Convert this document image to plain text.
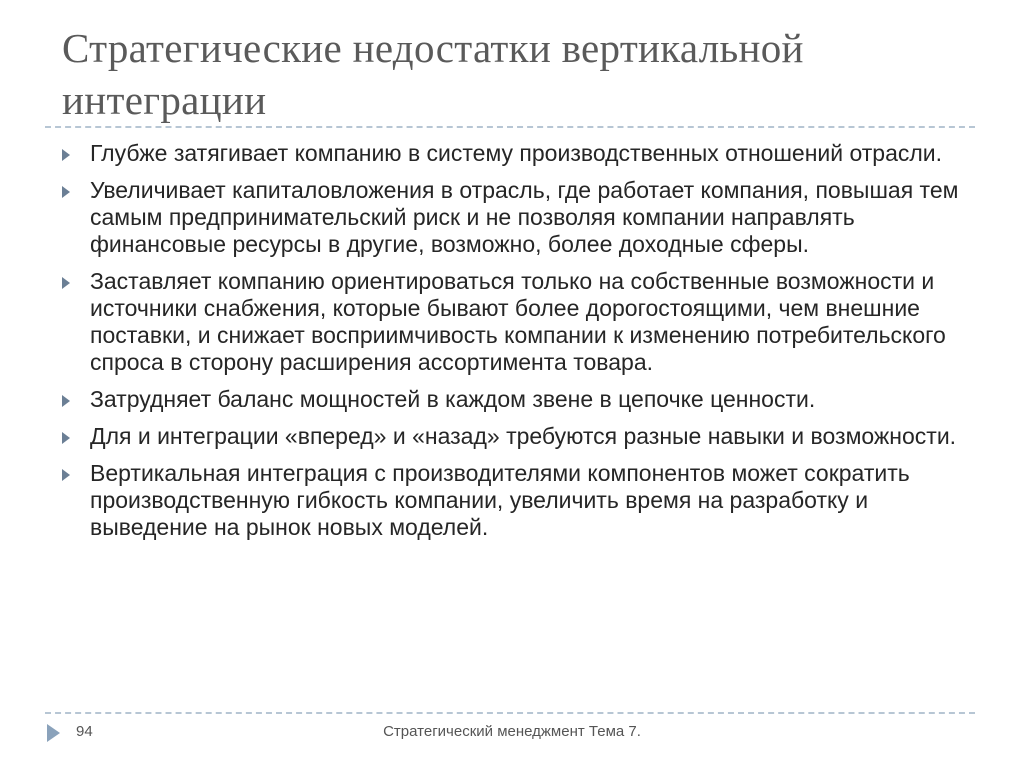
Стратегические недостатки вертикальной интеграции
Глубже затягивает компанию в систему производственных отношений отрасли.
Увеличивает капиталовложения в отрасль, где работает компания, повышая тем самым предпринимательский риск и не позволяя компании направлять финансовые ресурсы в другие, возможно, более доходные сферы.
Заставляет компанию ориентироваться только на собственные возможности и источники снабжения, которые бывают более дорогостоящими, чем внешние поставки, и снижает восприимчивость компании к изменению потребительского спроса в сторону расширения ассортимента товара.
Затрудняет баланс мощностей в каждом звене в цепочке ценности.
Для и интеграции «вперед» и «назад» требуются разные навыки и возможности.
Вертикальная интеграция с производителями компонентов может сократить производственную гибкость компании, увеличить время на разработку и выведение на рынок новых моделей.
94	Стратегический менеджмент Тема 7.
